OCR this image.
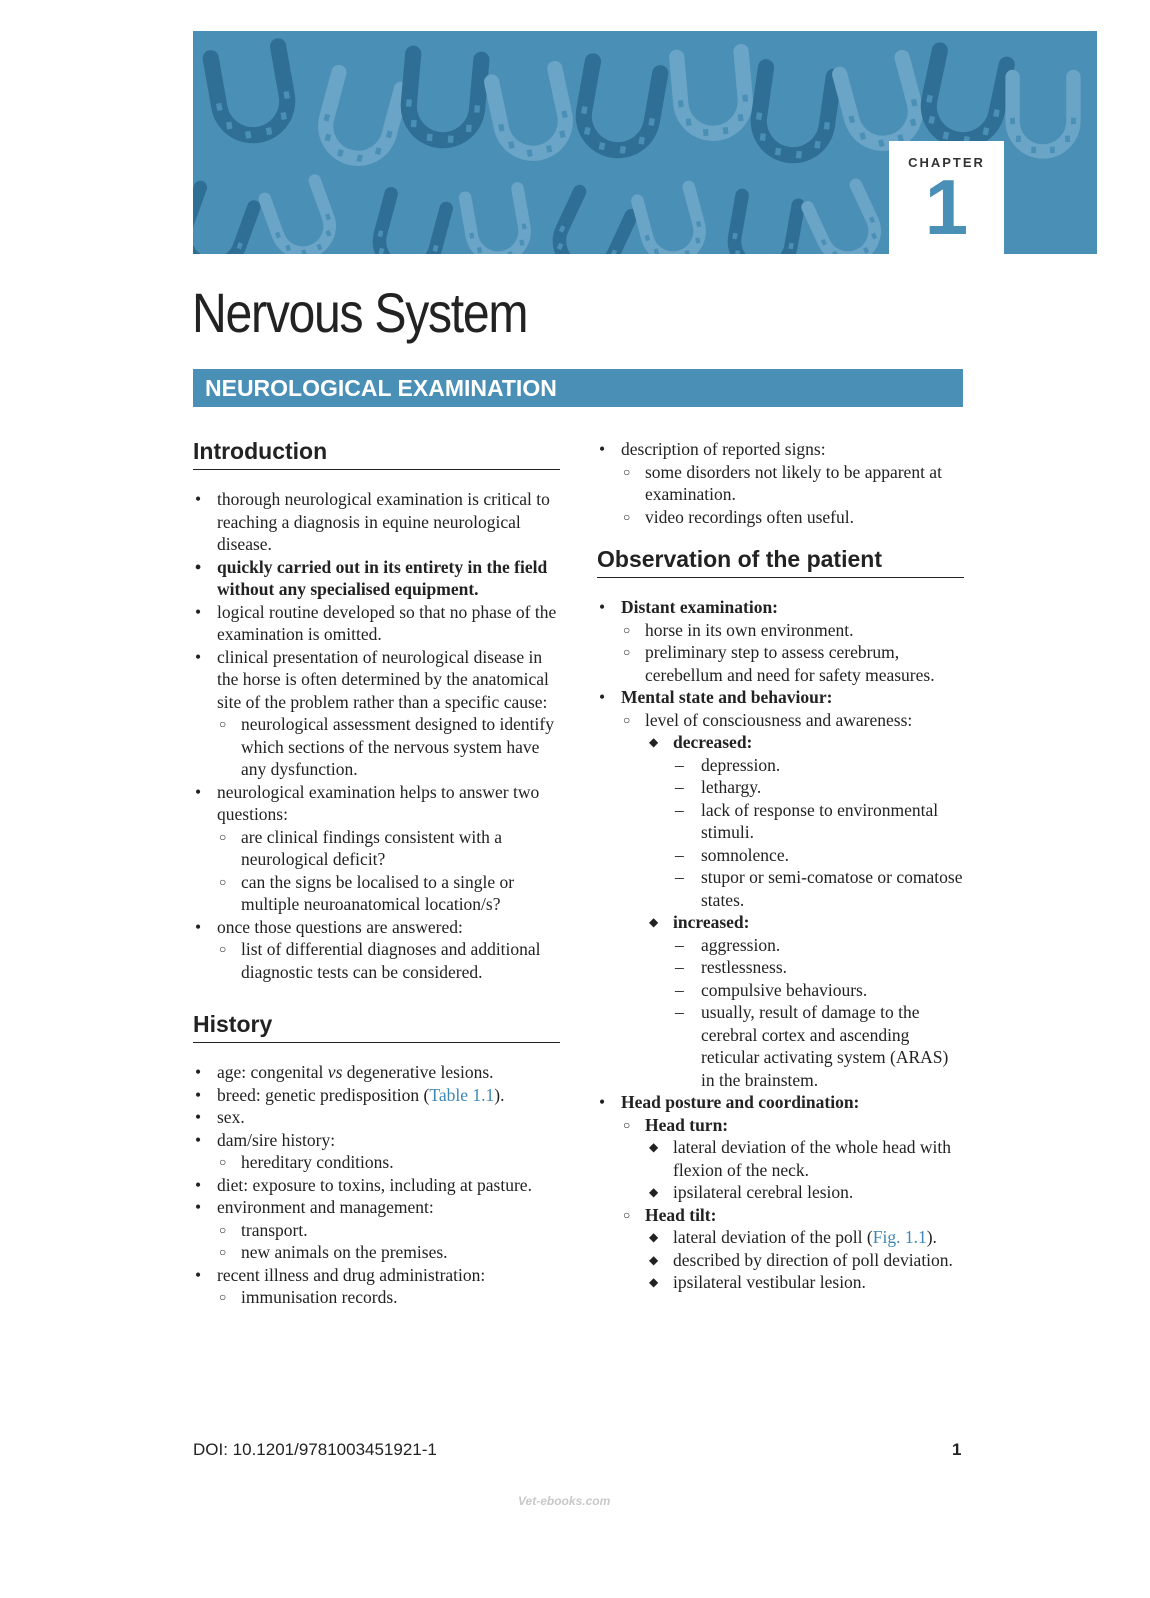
CHAPTER
1
Nervous System
NEUROLOGICAL EXAMINATION
Introduction
• thorough neurological examination is critical to reaching a diagnosis in equine neurological disease.
• quickly carried out in its entirety in the field without any specialised equipment.
• logical routine developed so that no phase of the examination is omitted.
• clinical presentation of neurological disease in the horse is often determined by the anatomical site of the problem rather than a specific cause:
○ neurological assessment designed to identify which sections of the nervous system have any dysfunction.
• neurological examination helps to answer two questions:
○ are clinical findings consistent with a neurological deficit?
○ can the signs be localised to a single or multiple neuroanatomical location/s?
• once those questions are answered:
○ list of differential diagnoses and additional diagnostic tests can be considered.
History
• age: congenital vs degenerative lesions.
• breed: genetic predisposition (Table 1.1).
• sex.
• dam/sire history:
○ hereditary conditions.
• diet: exposure to toxins, including at pasture.
• environment and management:
○ transport.
○ new animals on the premises.
• recent illness and drug administration:
○ immunisation records.
• description of reported signs:
○ some disorders not likely to be apparent at examination.
○ video recordings often useful.
Observation of the patient
• Distant examination:
○ horse in its own environment.
○ preliminary step to assess cerebrum, cerebellum and need for safety measures.
• Mental state and behaviour:
○ level of consciousness and awareness:
◆ decreased:
– depression.
– lethargy.
– lack of response to environmental stimuli.
– somnolence.
– stupor or semi-comatose or comatose states.
◆ increased:
– aggression.
– restlessness.
– compulsive behaviours.
– usually, result of damage to the cerebral cortex and ascending reticular activating system (ARAS) in the brainstem.
• Head posture and coordination:
○ Head turn:
◆ lateral deviation of the whole head with flexion of the neck.
◆ ipsilateral cerebral lesion.
○ Head tilt:
◆ lateral deviation of the poll (Fig. 1.1).
◆ described by direction of poll deviation.
◆ ipsilateral vestibular lesion.
DOI: 10.1201/9781003451921-1	1
Vet-ebooks.com
